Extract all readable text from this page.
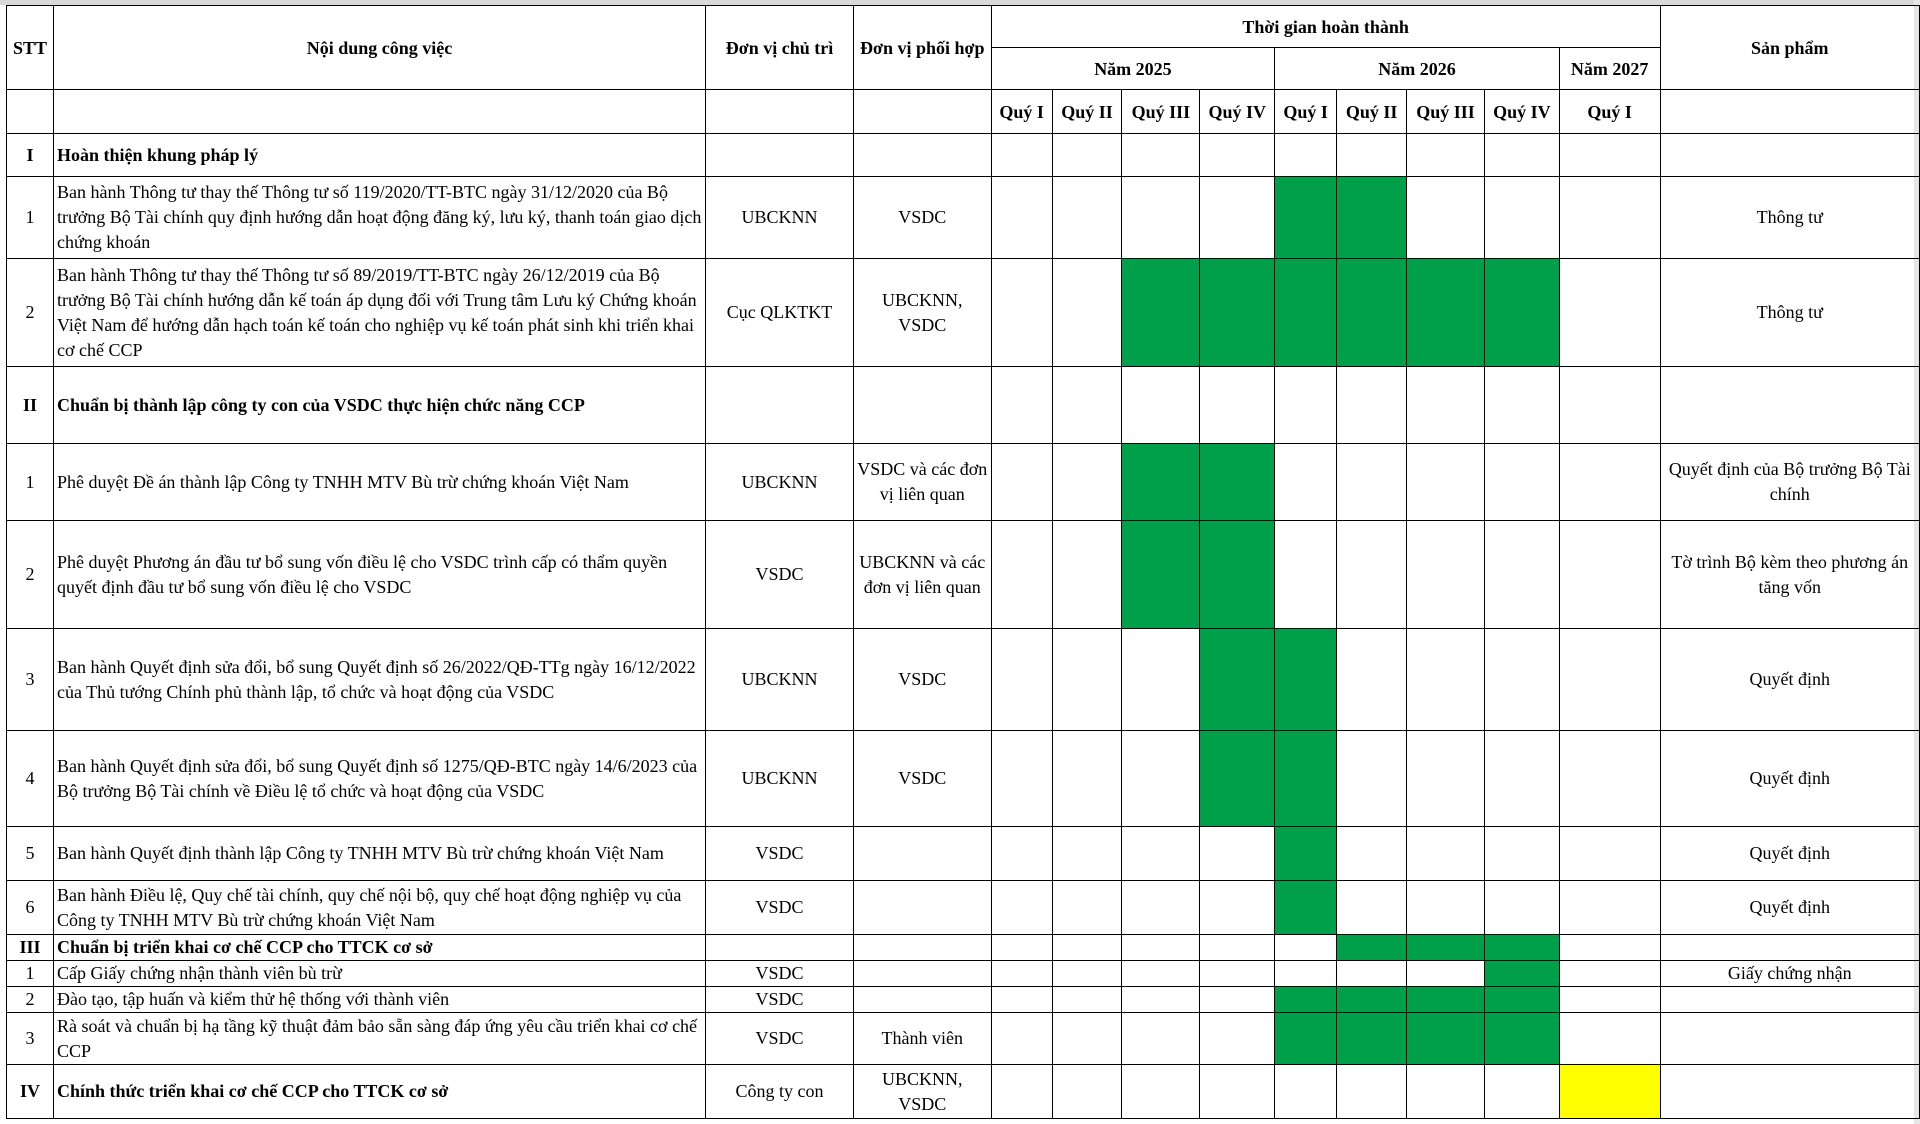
STT	Nội dung công việc	Đơn vị chủ trì	Đơn vị phối hợp	Thời gian hoàn thành									Sản phẩm
				Năm 2025				Năm 2026				Năm 2027	
				Quý I	Quý II	Quý III	Quý IV	Quý I	Quý II	Quý III	Quý IV	Quý I	
I	Hoàn thiện khung pháp lý												
1	Ban hành Thông tư thay thế Thông tư số 119/2020/TT-BTC ngày 31/12/2020 của Bộ trưởng Bộ Tài chính quy định hướng dẫn hoạt động đăng ký, lưu ký, thanh toán giao dịch chứng khoán	UBCKNN	VSDC										Thông tư
2	Ban hành Thông tư thay thế Thông tư số 89/2019/TT-BTC ngày 26/12/2019 của Bộ trưởng Bộ Tài chính hướng dẫn kế toán áp dụng đối với Trung tâm Lưu ký Chứng khoán Việt Nam để hướng dẫn hạch toán kế toán cho nghiệp vụ kế toán phát sinh khi triển khai cơ chế CCP	Cục QLKTKT	UBCKNN, VSDC										Thông tư
II	Chuẩn bị thành lập công ty con của VSDC thực hiện chức năng CCP												
1	Phê duyệt Đề án thành lập Công ty TNHH MTV Bù trừ chứng khoán Việt Nam	UBCKNN	VSDC và các đơn vị liên quan										Quyết định của Bộ trưởng Bộ Tài chính
2	Phê duyệt Phương án đầu tư bổ sung vốn điều lệ cho VSDC trình cấp có thẩm quyền quyết định đầu tư bổ sung vốn điều lệ cho VSDC	VSDC	UBCKNN và các đơn vị liên quan										Tờ trình Bộ kèm theo phương án tăng vốn
3	Ban hành Quyết định sửa đổi, bổ sung Quyết định số 26/2022/QĐ-TTg ngày 16/12/2022 của Thủ tướng Chính phủ thành lập, tổ chức và hoạt động của VSDC	UBCKNN	VSDC										Quyết định
4	Ban hành Quyết định sửa đổi, bổ sung Quyết định số 1275/QĐ-BTC ngày 14/6/2023 của Bộ trưởng Bộ Tài chính về Điều lệ tổ chức và hoạt động của VSDC	UBCKNN	VSDC										Quyết định
5	Ban hành Quyết định thành lập Công ty TNHH MTV Bù trừ chứng khoán Việt Nam	VSDC											Quyết định
6	Ban hành Điều lệ, Quy chế tài chính, quy chế nội bộ, quy chế hoạt động nghiệp vụ của Công ty TNHH MTV Bù trừ chứng khoán Việt Nam	VSDC											Quyết định
III	Chuẩn bị triển khai cơ chế CCP cho TTCK cơ sở												
1	Cấp Giấy chứng nhận thành viên bù trừ	VSDC											Giấy chứng nhận
2	Đào tạo, tập huấn và kiểm thử hệ thống với thành viên	VSDC											
3	Rà soát và chuẩn bị hạ tầng kỹ thuật đảm bảo sẵn sàng đáp ứng yêu cầu triển khai cơ chế CCP	VSDC	Thành viên										
IV	Chính thức triển khai cơ chế CCP cho TTCK cơ sở	Công ty con	UBCKNN, VSDC										
